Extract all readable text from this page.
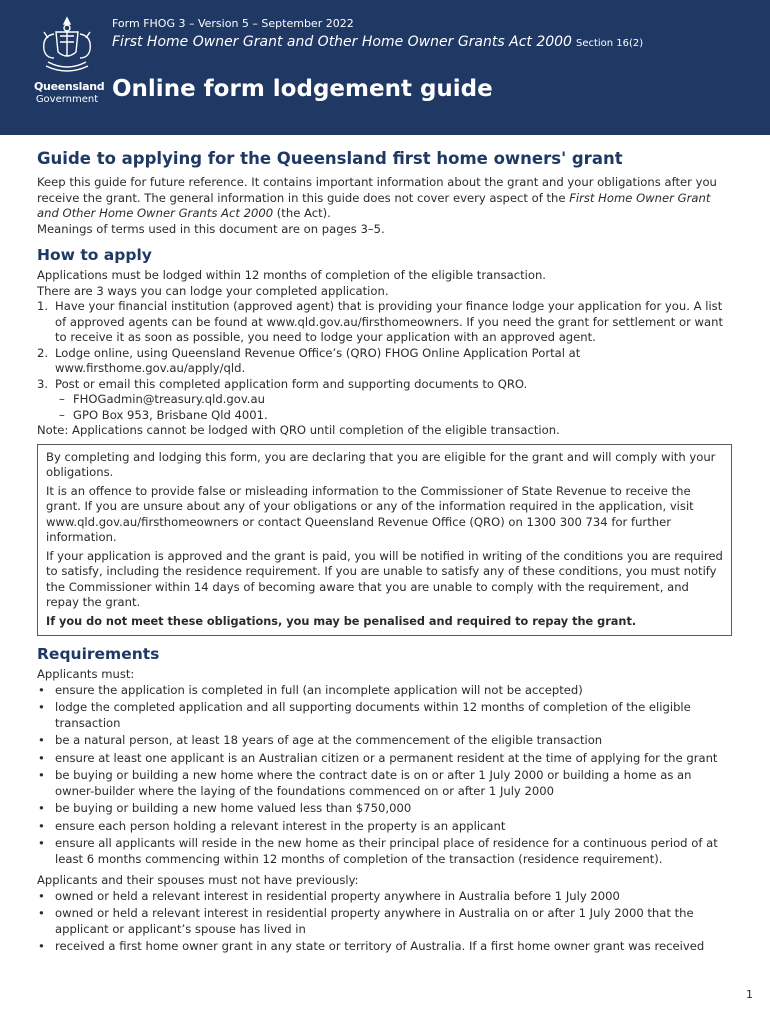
Queensland
Government
Form FHOG 3 – Version 5 – September 2022
First Home Owner Grant and Other Home Owner Grants Act 2000 Section 16(2)
Online form lodgement guide
Guide to applying for the Queensland first home owners' grant

Keep this guide for future reference. It contains important information about the grant and your obligations after you receive the grant. The general information in this guide does not cover every aspect of the First Home Owner Grant and Other Home Owner Grants Act 2000 (the Act).

Meanings of terms used in this document are on pages 3–5.

How to apply

Applications must be lodged within 12 months of completion of the eligible transaction.

There are 3 ways you can lodge your completed application.

1. Have your financial institution (approved agent) that is providing your finance lodge your application for you. A list of approved agents can be found at www.qld.gov.au/firsthomeowners. If you need the grant for settlement or want to receive it as soon as possible, you need to lodge your application with an approved agent.
2. Lodge online, using Queensland Revenue Office’s (QRO) FHOG Online Application Portal at www.firsthome.gov.au/apply/qld.
3. Post or email this completed application form and supporting documents to QRO.
– FHOGadmin@treasury.qld.gov.au
– GPO Box 953, Brisbane Qld 4001.

Note: Applications cannot be lodged with QRO until completion of the eligible transaction.

By completing and lodging this form, you are declaring that you are eligible for the grant and will comply with your obligations.

It is an offence to provide false or misleading information to the Commissioner of State Revenue to receive the grant. If you are unsure about any of your obligations or any of the information required in the application, visit www.qld.gov.au/firsthomeowners or contact Queensland Revenue Office (QRO) on 1300 300 734 for further information.

If your application is approved and the grant is paid, you will be notified in writing of the conditions you are required to satisfy, including the residence requirement. If you are unable to satisfy any of these conditions, you must notify the Commissioner within 14 days of becoming aware that you are unable to comply with the requirement, and repay the grant.

If you do not meet these obligations, you may be penalised and required to repay the grant.

Requirements

Applicants must:

• ensure the application is completed in full (an incomplete application will not be accepted)
• lodge the completed application and all supporting documents within 12 months of completion of the eligible transaction
• be a natural person, at least 18 years of age at the commencement of the eligible transaction
• ensure at least one applicant is an Australian citizen or a permanent resident at the time of applying for the grant
• be buying or building a new home where the contract date is on or after 1 July 2000 or building a home as an owner-builder where the laying of the foundations commenced on or after 1 July 2000
• be buying or building a new home valued less than $750,000
• ensure each person holding a relevant interest in the property is an applicant
• ensure all applicants will reside in the new home as their principal place of residence for a continuous period of at least 6 months commencing within 12 months of completion of the transaction (residence requirement).

Applicants and their spouses must not have previously:

• owned or held a relevant interest in residential property anywhere in Australia before 1 July 2000
• owned or held a relevant interest in residential property anywhere in Australia on or after 1 July 2000 that the applicant or applicant’s spouse has lived in
• received a first home owner grant in any state or territory of Australia. If a first home owner grant was received
1
